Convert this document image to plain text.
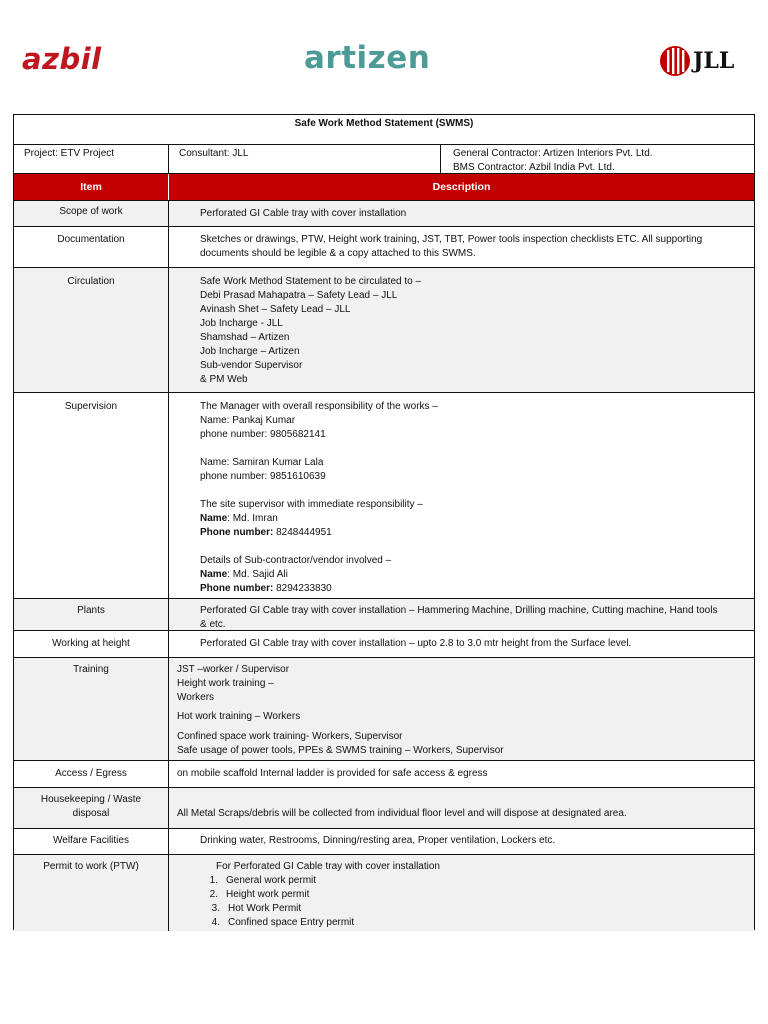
azbil	artizen	JLL
Safe Work Method Statement (SWMS)
Project: ETV Project	Consultant: JLL	General Contractor: Artizen Interiors Pvt. Ltd.
BMS Contractor: Azbil India Pvt. Ltd.
Item	Description
Scope of work	Perforated GI Cable tray with cover installation
Documentation	Sketches or drawings, PTW, Height work training, JST, TBT, Power tools inspection checklists ETC. All supporting
documents should be legible & a copy attached to this SWMS.
Circulation	Safe Work Method Statement to be circulated to –
Debi Prasad Mahapatra – Safety Lead – JLL
Avinash Shet – Safety Lead – JLL
Job Incharge - JLL
Shamshad – Artizen
Job Incharge – Artizen
Sub-vendor Supervisor
& PM Web
Supervision	The Manager with overall responsibility of the works –
Name: Pankaj Kumar
phone number: 9805682141

Name: Samiran Kumar Lala
phone number: 9851610639

The site supervisor with immediate responsibility –
Name: Md. Imran
Phone number: 8248444951

Details of Sub-contractor/vendor involved –
Name: Md. Sajid Ali
Phone number: 8294233830
Plants	Perforated GI Cable tray with cover installation – Hammering Machine, Drilling machine, Cutting machine, Hand tools
& etc.
Working at height	Perforated GI Cable tray with cover installation – upto 2.8 to 3.0 mtr height from the Surface level.
Training	JST –worker / Supervisor
Height work training –
Workers
Hot work training – Workers
Confined space work training- Workers, Supervisor
Safe usage of power tools, PPEs & SWMS training – Workers, Supervisor
Access / Egress	on mobile scaffold Internal ladder is provided for safe access & egress
Housekeeping / Waste
disposal	All Metal Scraps/debris will be collected from individual floor level and will dispose at designated area.
Welfare Facilities	Drinking water, Restrooms, Dinning/resting area, Proper ventilation, Lockers etc.
Permit to work (PTW)	For Perforated GI Cable tray with cover installation
1. General work permit
2. Height work permit
3. Hot Work Permit
4. Confined space Entry permit
